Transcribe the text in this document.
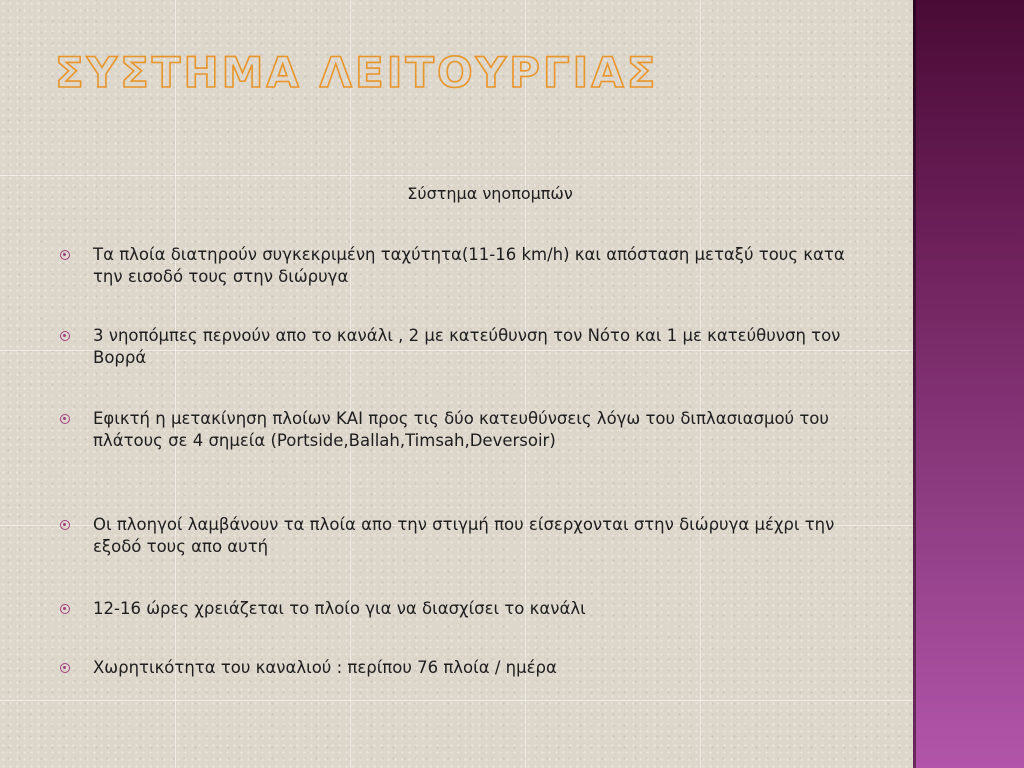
ΣΥΣΤΗΜΑ ΛΕΙΤΟΥΡΓΙΑΣ
Σύστημα νηοπομπών
Τα πλοία διατηρούν συγκεκριμένη ταχύτητα(11-16 km/h) και απόσταση μεταξύ τους κατα την εισοδό τους στην διώρυγα
3 νηοπόμπες περνούν απο το κανάλι , 2 με κατεύθυνση τον Νότο και 1 με κατεύθυνση τον Βορρά
Εφικτή η μετακίνηση πλοίων ΚΑΙ προς τις δύο κατευθύνσεις λόγω του διπλασιασμού του πλάτους σε 4 σημεία (Portside,Ballah,Timsah,Deversoir)
Οι πλοηγοί λαμβάνουν τα πλοία απο την στιγμή που είσερχονται στην διώρυγα μέχρι την εξοδό τους απο αυτή
12-16 ώρες χρειάζεται το πλοίο για να διασχίσει το κανάλι
Χωρητικότητα του καναλιού : περίπου 76 πλοία / ημέρα
